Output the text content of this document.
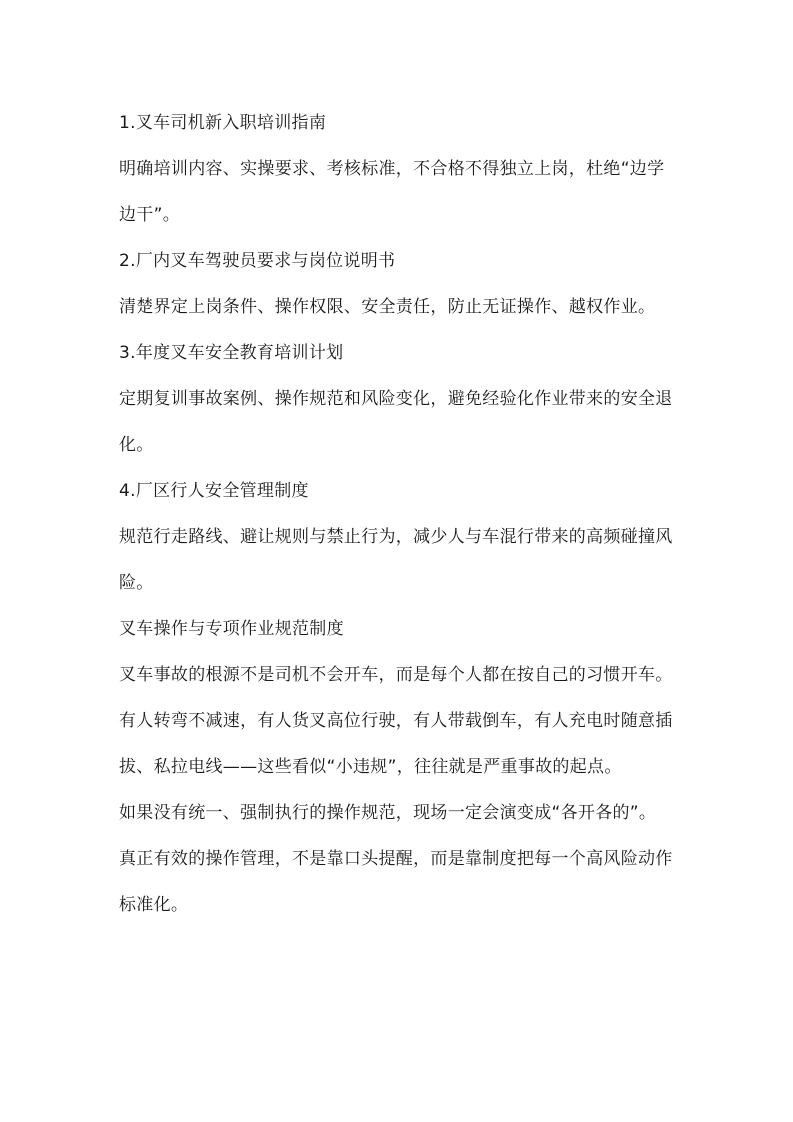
1.叉车司机新入职培训指南

明确培训内容、实操要求、考核标准，不合格不得独立上岗，杜绝“边学边干”。

2.厂内叉车驾驶员要求与岗位说明书

清楚界定上岗条件、操作权限、安全责任，防止无证操作、越权作业。

3.年度叉车安全教育培训计划

定期复训事故案例、操作规范和风险变化，避免经验化作业带来的安全退化。

4.厂区行人安全管理制度

规范行走路线、避让规则与禁止行为，减少人与车混行带来的高频碰撞风险。

叉车操作与专项作业规范制度

叉车事故的根源不是司机不会开车，而是每个人都在按自己的习惯开车。

有人转弯不减速，有人货叉高位行驶，有人带载倒车，有人充电时随意插拔、私拉电线——这些看似“小违规”，往往就是严重事故的起点。

如果没有统一、强制执行的操作规范，现场一定会演变成“各开各的”。

真正有效的操作管理，不是靠口头提醒，而是靠制度把每一个高风险动作标准化。
